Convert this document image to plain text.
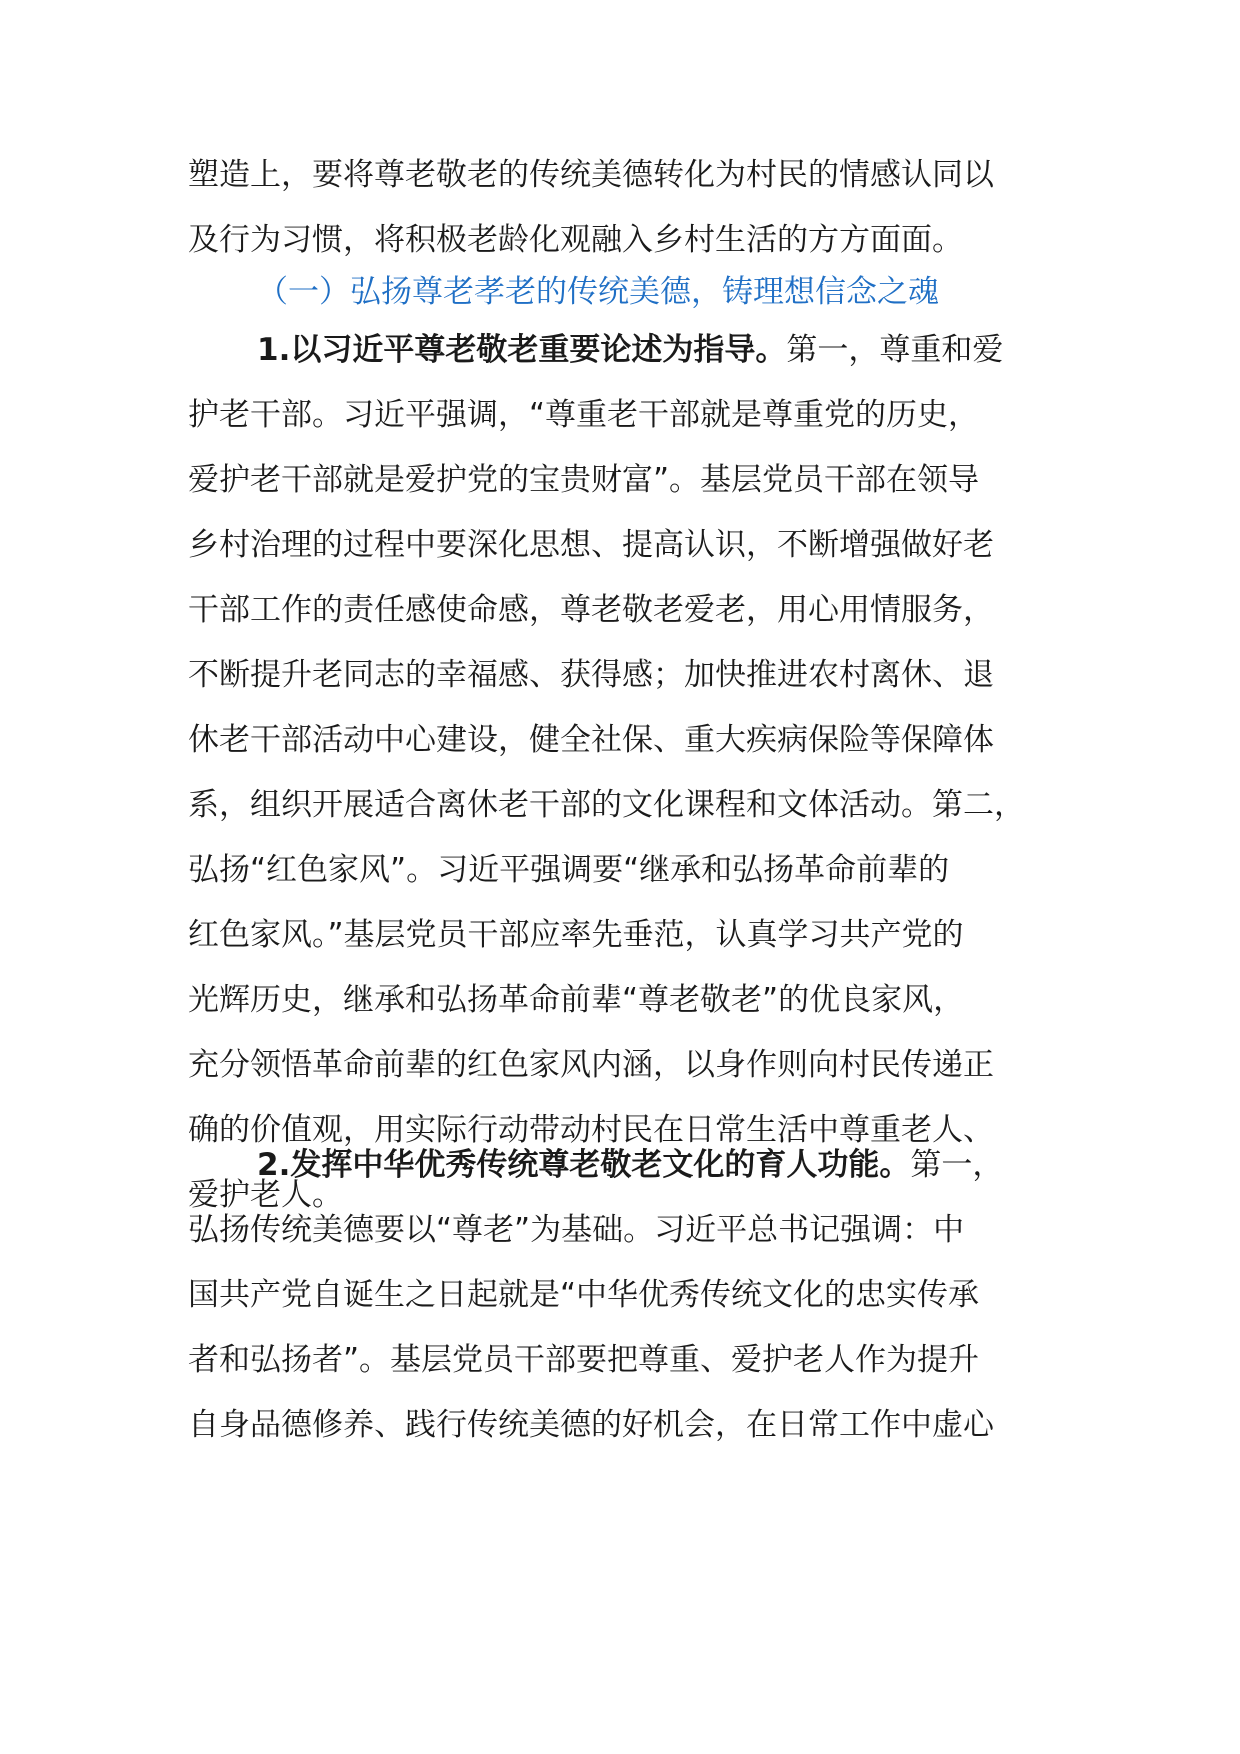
塑造上，要将尊老敬老的传统美德转化为村民的情感认同以
及行为习惯，将积极老龄化观融入乡村生活的方方面面。
（一）弘扬尊老孝老的传统美德，铸理想信念之魂
1.以习近平尊老敬老重要论述为指导。第一，尊重和爱
护老干部。习近平强调，“尊重老干部就是尊重党的历史，
爱护老干部就是爱护党的宝贵财富”。基层党员干部在领导
乡村治理的过程中要深化思想、提高认识，不断增强做好老
干部工作的责任感使命感，尊老敬老爱老，用心用情服务，
不断提升老同志的幸福感、获得感；加快推进农村离休、退
休老干部活动中心建设，健全社保、重大疾病保险等保障体
系，组织开展适合离休老干部的文化课程和文体活动。第二，
弘扬“红色家风”。习近平强调要“继承和弘扬革命前辈的
红色家风。”基层党员干部应率先垂范，认真学习共产党的
光辉历史，继承和弘扬革命前辈“尊老敬老”的优良家风，
充分领悟革命前辈的红色家风内涵，以身作则向村民传递正
确的价值观，用实际行动带动村民在日常生活中尊重老人、
爱护老人。
2.发挥中华优秀传统尊老敬老文化的育人功能。第一，
弘扬传统美德要以“尊老”为基础。习近平总书记强调：中
国共产党自诞生之日起就是“中华优秀传统文化的忠实传承
者和弘扬者”。基层党员干部要把尊重、爱护老人作为提升
自身品德修养、践行传统美德的好机会，在日常工作中虚心
